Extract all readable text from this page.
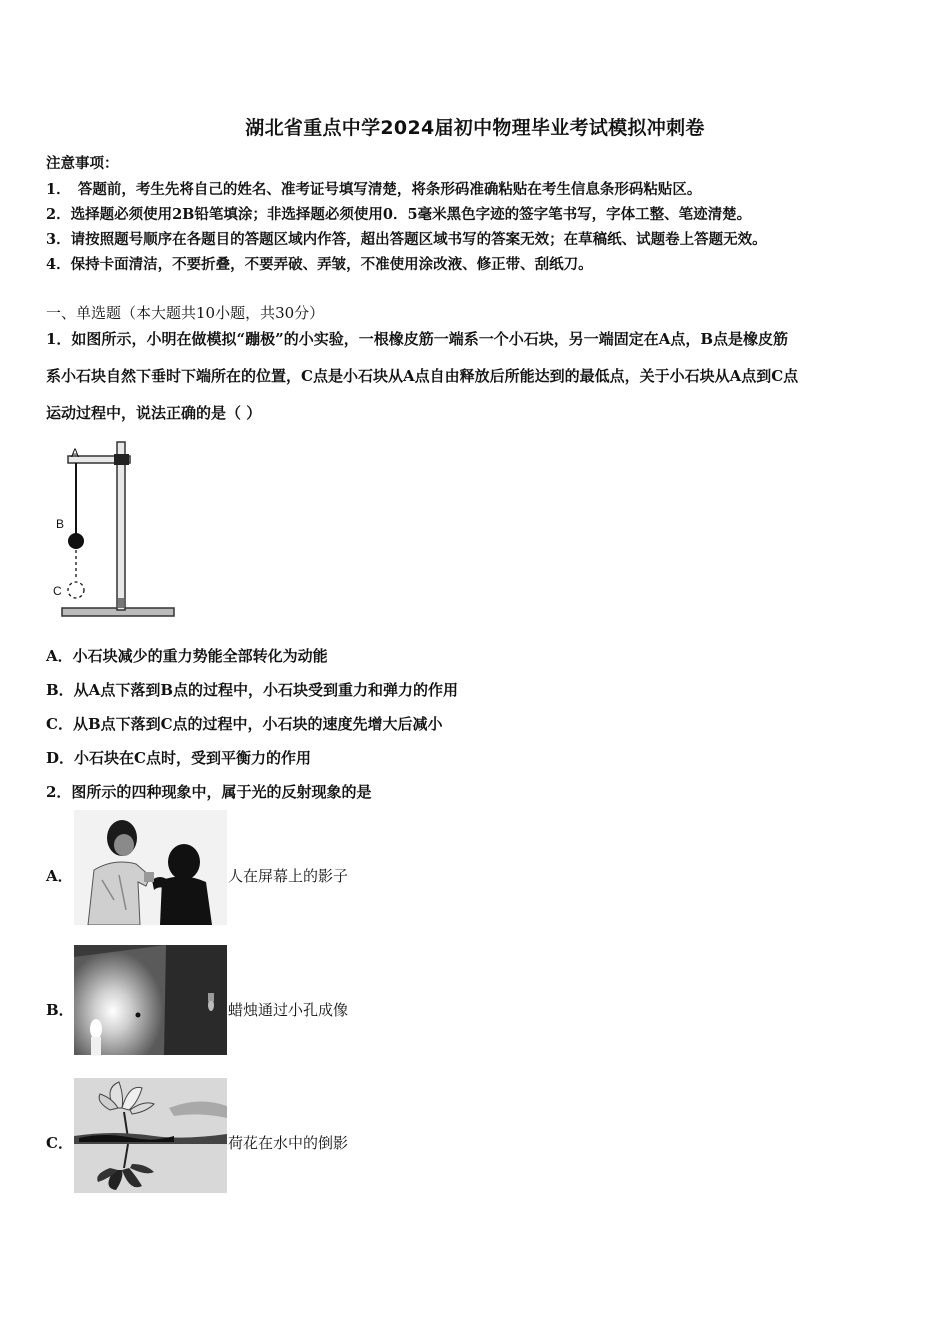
湖北省重点中学2024届初中物理毕业考试模拟冲刺卷
注意事项：
1．　答题前，考生先将自己的姓名、准考证号填写清楚，将条形码准确粘贴在考生信息条形码粘贴区。
2．选择题必须使用2B铅笔填涂；非选择题必须使用0．5毫米黑色字迹的签字笔书写，字体工整、笔迹清楚。
3．请按照题号顺序在各题目的答题区域内作答，超出答题区域书写的答案无效；在草稿纸、试题卷上答题无效。
4．保持卡面清洁，不要折叠，不要弄破、弄皱，不准使用涂改液、修正带、刮纸刀。
一、单选题（本大题共10小题，共30分）
1．如图所示，小明在做模拟“蹦极”的小实验，一根橡皮筋一端系一个小石块，另一端固定在A点，B点是橡皮筋
系小石块自然下垂时下端所在的位置，C点是小石块从A点自由释放后所能达到的最低点，关于小石块从A点到C点
运动过程中，说法正确的是（ ）
A
B
C
A．小石块减少的重力势能全部转化为动能
B．从A点下落到B点的过程中，小石块受到重力和弹力的作用
C．从B点下落到C点的过程中，小石块的速度先增大后减小
D．小石块在C点时，受到平衡力的作用
2．图所示的四种现象中，属于光的反射现象的是
A．	人在屏幕上的影子
B．	蜡烛通过小孔成像
C．	荷花在水中的倒影
